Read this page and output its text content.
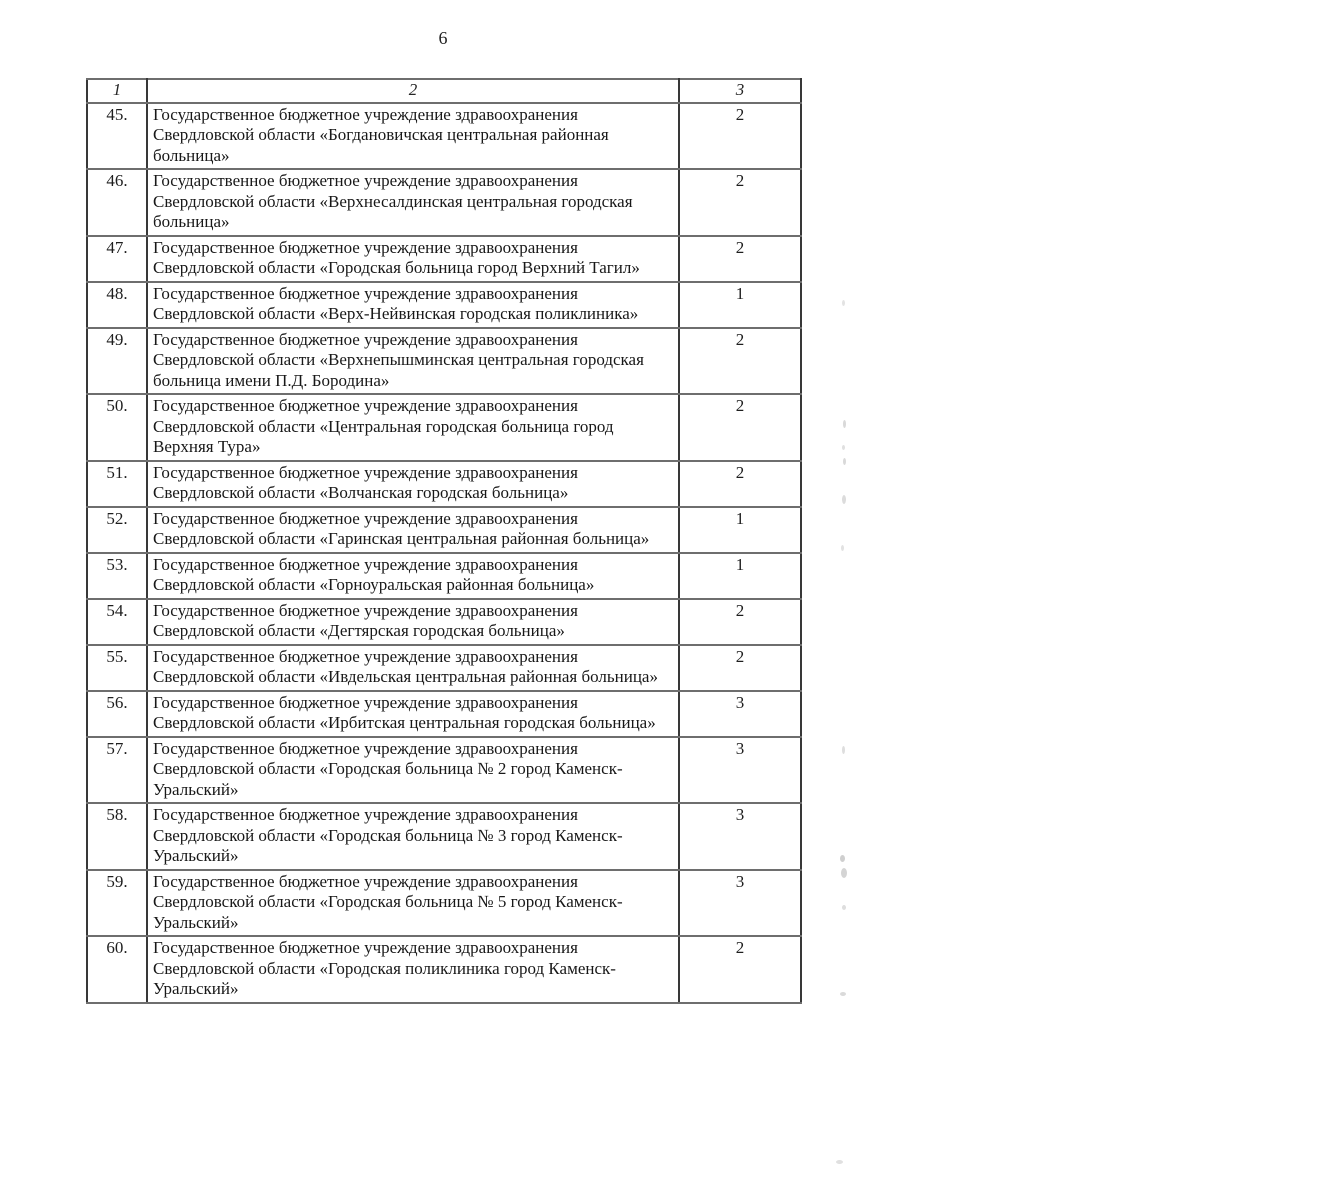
6
1	2	3
45.	Государственное бюджетное учреждение здравоохранения Свердловской области «Богдановичская центральная районная больница»	2
46.	Государственное бюджетное учреждение здравоохранения Свердловской области «Верхнесалдинская центральная городская больница»	2
47.	Государственное бюджетное учреждение здравоохранения Свердловской области «Городская больница город Верхний Тагил»	2
48.	Государственное бюджетное учреждение здравоохранения Свердловской области «Верх-Нейвинская городская поликлиника»	1
49.	Государственное бюджетное учреждение здравоохранения Свердловской области «Верхнепышминская центральная городская больница имени П.Д. Бородина»	2
50.	Государственное бюджетное учреждение здравоохранения Свердловской области «Центральная городская больница город Верхняя Тура»	2
51.	Государственное бюджетное учреждение здравоохранения Свердловской области «Волчанская городская больница»	2
52.	Государственное бюджетное учреждение здравоохранения Свердловской области «Гаринская центральная районная больница»	1
53.	Государственное бюджетное учреждение здравоохранения Свердловской области «Горноуральская районная больница»	1
54.	Государственное бюджетное учреждение здравоохранения Свердловской области «Дегтярская городская больница»	2
55.	Государственное бюджетное учреждение здравоохранения Свердловской области «Ивдельская центральная районная больница»	2
56.	Государственное бюджетное учреждение здравоохранения Свердловской области «Ирбитская центральная городская больница»	3
57.	Государственное бюджетное учреждение здравоохранения Свердловской области «Городская больница № 2 город Каменск-Уральский»	3
58.	Государственное бюджетное учреждение здравоохранения Свердловской области «Городская больница № 3 город Каменск-Уральский»	3
59.	Государственное бюджетное учреждение здравоохранения Свердловской области «Городская больница № 5 город Каменск-Уральский»	3
60.	Государственное бюджетное учреждение здравоохранения Свердловской области «Городская поликлиника город Каменск-Уральский»	2
